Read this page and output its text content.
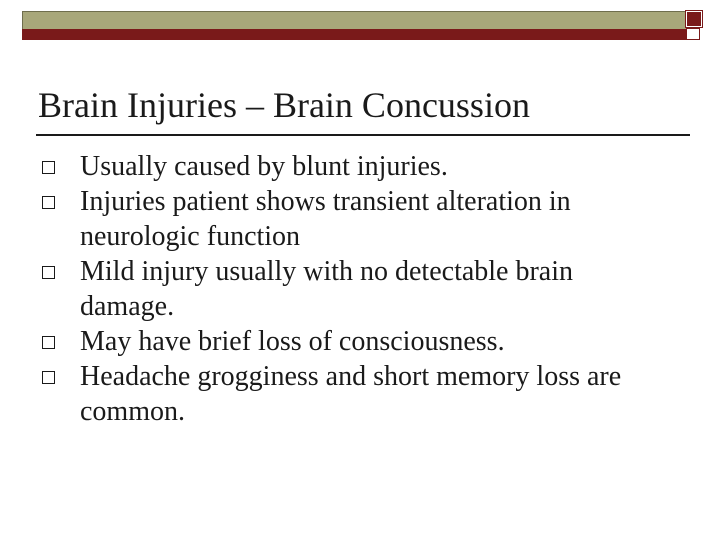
Brain Injuries – Brain Concussion
Usually caused by blunt injuries.
Injuries patient shows transient alteration in neurologic function
Mild injury usually with no detectable brain damage.
May have brief loss of consciousness.
Headache grogginess and short memory loss are common.
